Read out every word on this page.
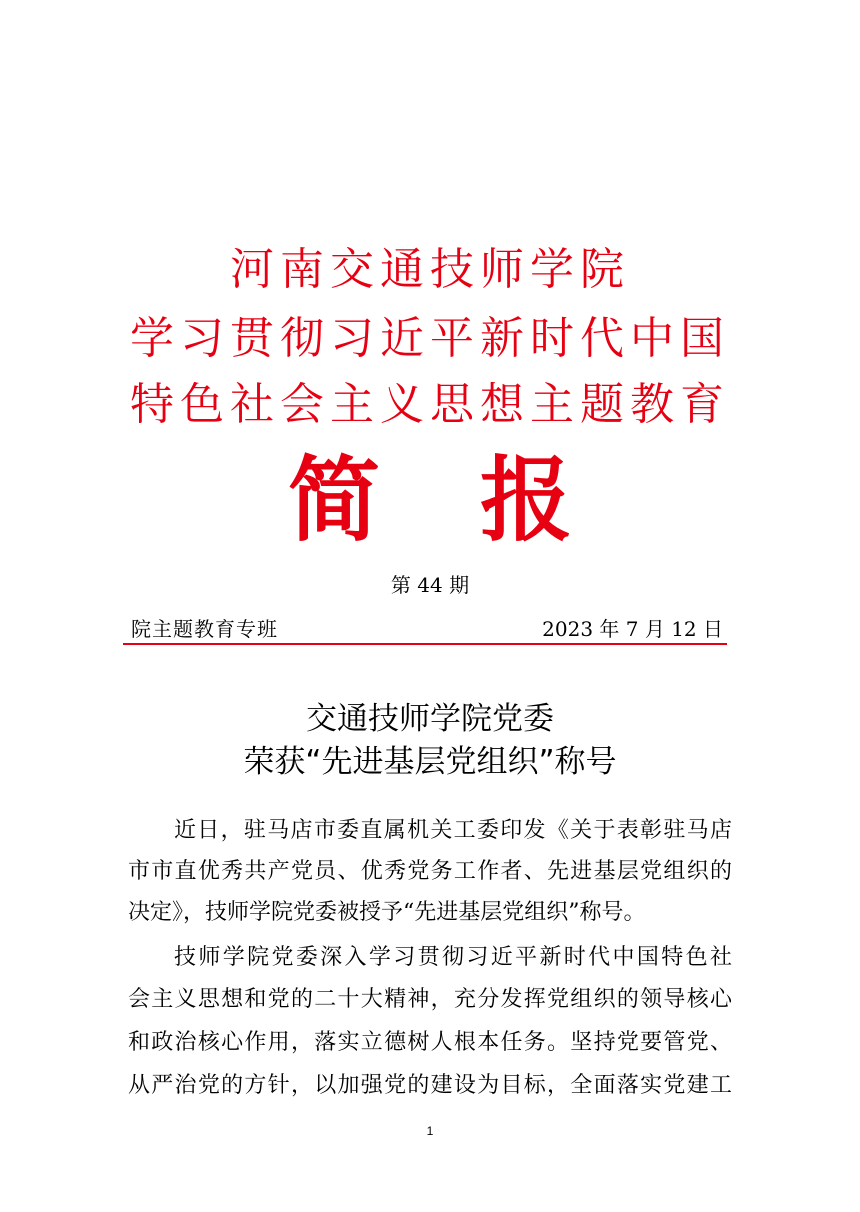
河南交通技师学院
学习贯彻习近平新时代中国
特色社会主义思想主题教育
简 报
第 44 期
院主题教育专班	2023 年 7 月 12 日
交通技师学院党委
荣获“先进基层党组织”称号
近日，驻马店市委直属机关工委印发《关于表彰驻马店
市市直优秀共产党员、优秀党务工作者、先进基层党组织的
决定》，技师学院党委被授予“先进基层党组织”称号。
技师学院党委深入学习贯彻习近平新时代中国特色社
会主义思想和党的二十大精神，充分发挥党组织的领导核心
和政治核心作用，落实立德树人根本任务。坚持党要管党、
从严治党的方针，以加强党的建设为目标，全面落实党建工
1
